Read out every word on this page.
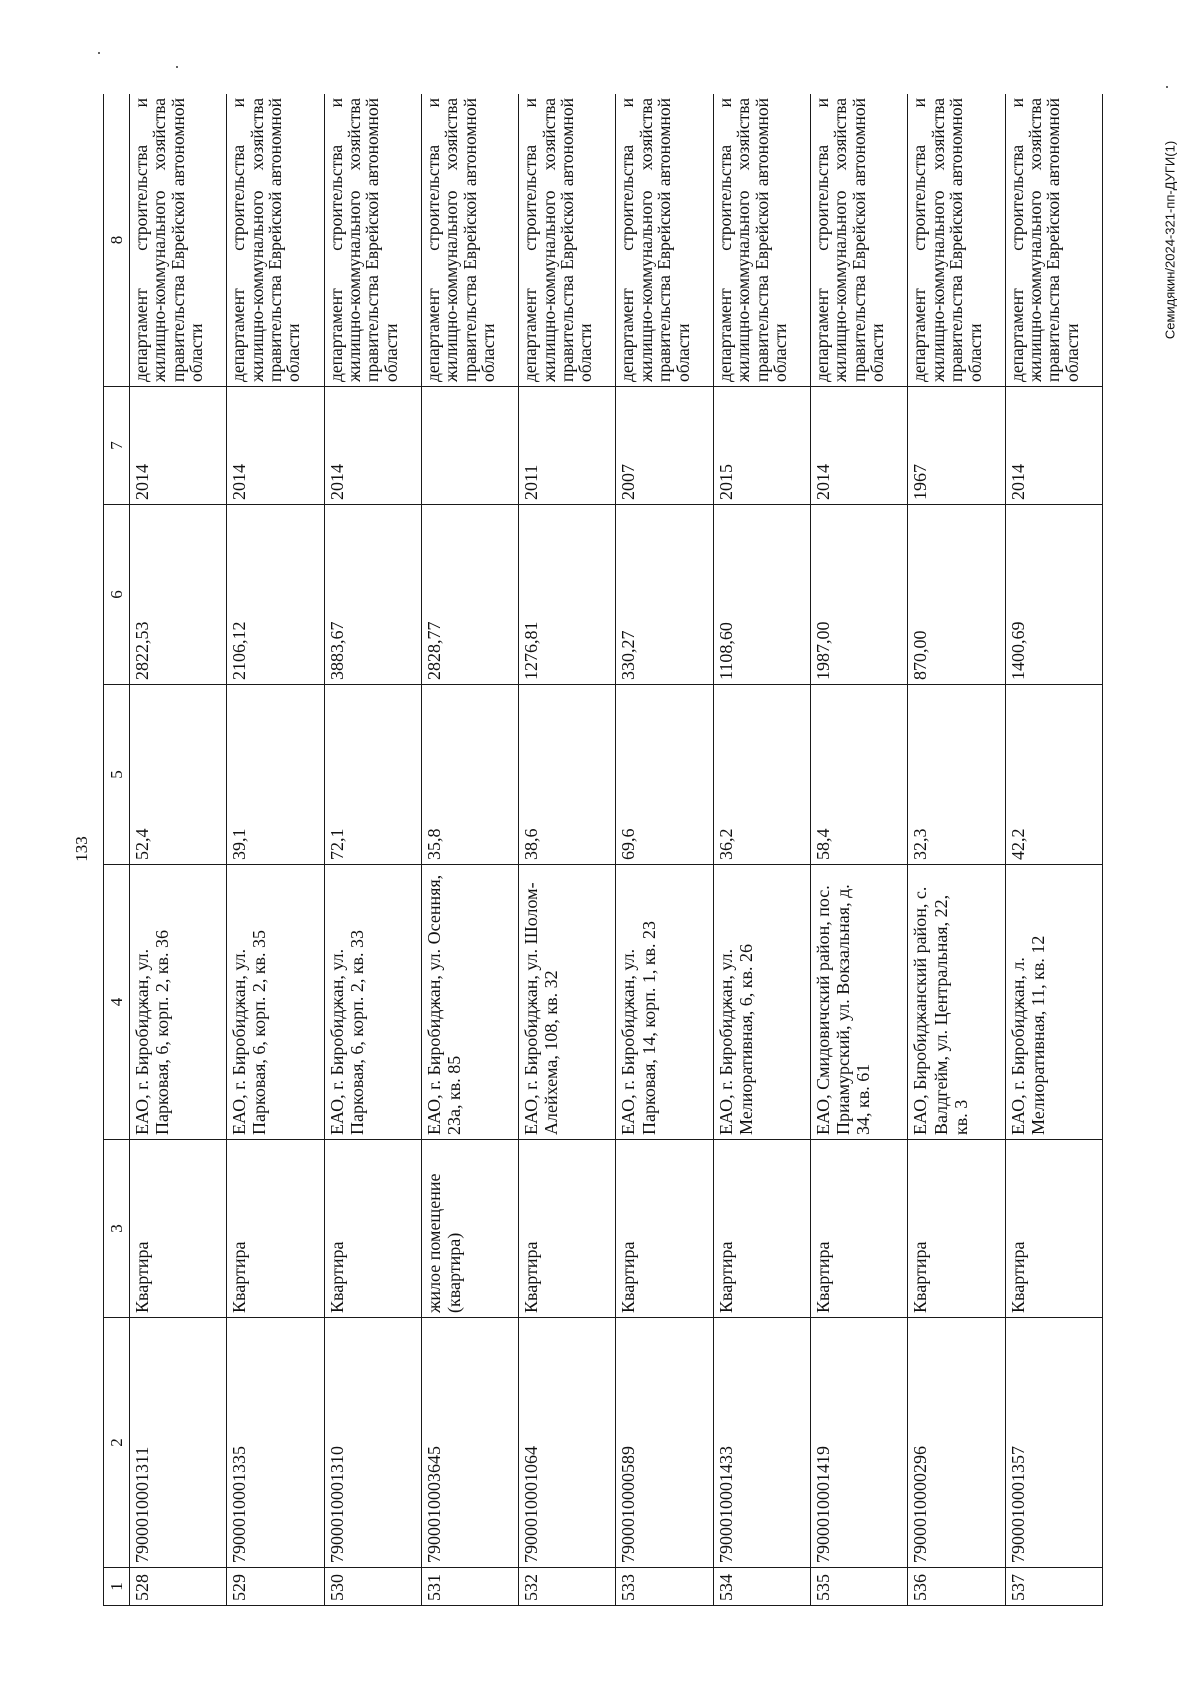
133
Семидякин/2024-321-пп-ДУГИ(1)
1	2	3	4	5	6	7	8
528	7900010001311	Квартира	ЕАО, г. Биробиджан, ул. Парковая, 6, корп. 2, кв. 36	52,4	2822,53	2014	департамент строительства и жилищно-коммунального хозяйства правительства Еврейской автономной области
529	7900010001335	Квартира	ЕАО, г. Биробиджан, ул. Парковая, 6, корп. 2, кв. 35	39,1	2106,12	2014	департамент строительства и жилищно-коммунального хозяйства правительства Еврейской автономной области
530	7900010001310	Квартира	ЕАО, г. Биробиджан, ул. Парковая, 6, корп. 2, кв. 33	72,1	3883,67	2014	департамент строительства и жилищно-коммунального хозяйства правительства Еврейской автономной области
531	7900010003645	жилое помещение (квартира)	ЕАО, г. Биробиджан, ул. Осенняя, 23а, кв. 85	35,8	2828,77		департамент строительства и жилищно-коммунального хозяйства правительства Еврейской автономной области
532	7900010001064	Квартира	ЕАО, г. Биробиджан, ул. Шолом-Алейхема, 108, кв. 32	38,6	1276,81	2011	департамент строительства и жилищно-коммунального хозяйства правительства Еврейской автономной области
533	7900010000589	Квартира	ЕАО, г. Биробиджан, ул. Парковая, 14, корп. 1, кв. 23	69,6	330,27	2007	департамент строительства и жилищно-коммунального хозяйства правительства Еврейской автономной области
534	7900010001433	Квартира	ЕАО, г. Биробиджан, ул. Мелиоративная, 6, кв. 26	36,2	1108,60	2015	департамент строительства и жилищно-коммунального хозяйства правительства Еврейской автономной области
535	7900010001419	Квартира	ЕАО, Смидовичский район, пос. Приамурский, ул. Вокзальная, д. 34, кв. 61	58,4	1987,00	2014	департамент строительства и жилищно-коммунального хозяйства правительства Еврейской автономной области
536	7900010000296	Квартира	ЕАО, Биробиджанский район, с. Валдгейм, ул. Центральная, 22, кв. 3	32,3	870,00	1967	департамент строительства и жилищно-коммунального хозяйства правительства Еврейской автономной области
537	7900010001357	Квартира	ЕАО, г. Биробиджан, л. Мелиоративная, 11, кв. 12	42,2	1400,69	2014	департамент строительства и жилищно-коммунального хозяйства правительства Еврейской автономной области
